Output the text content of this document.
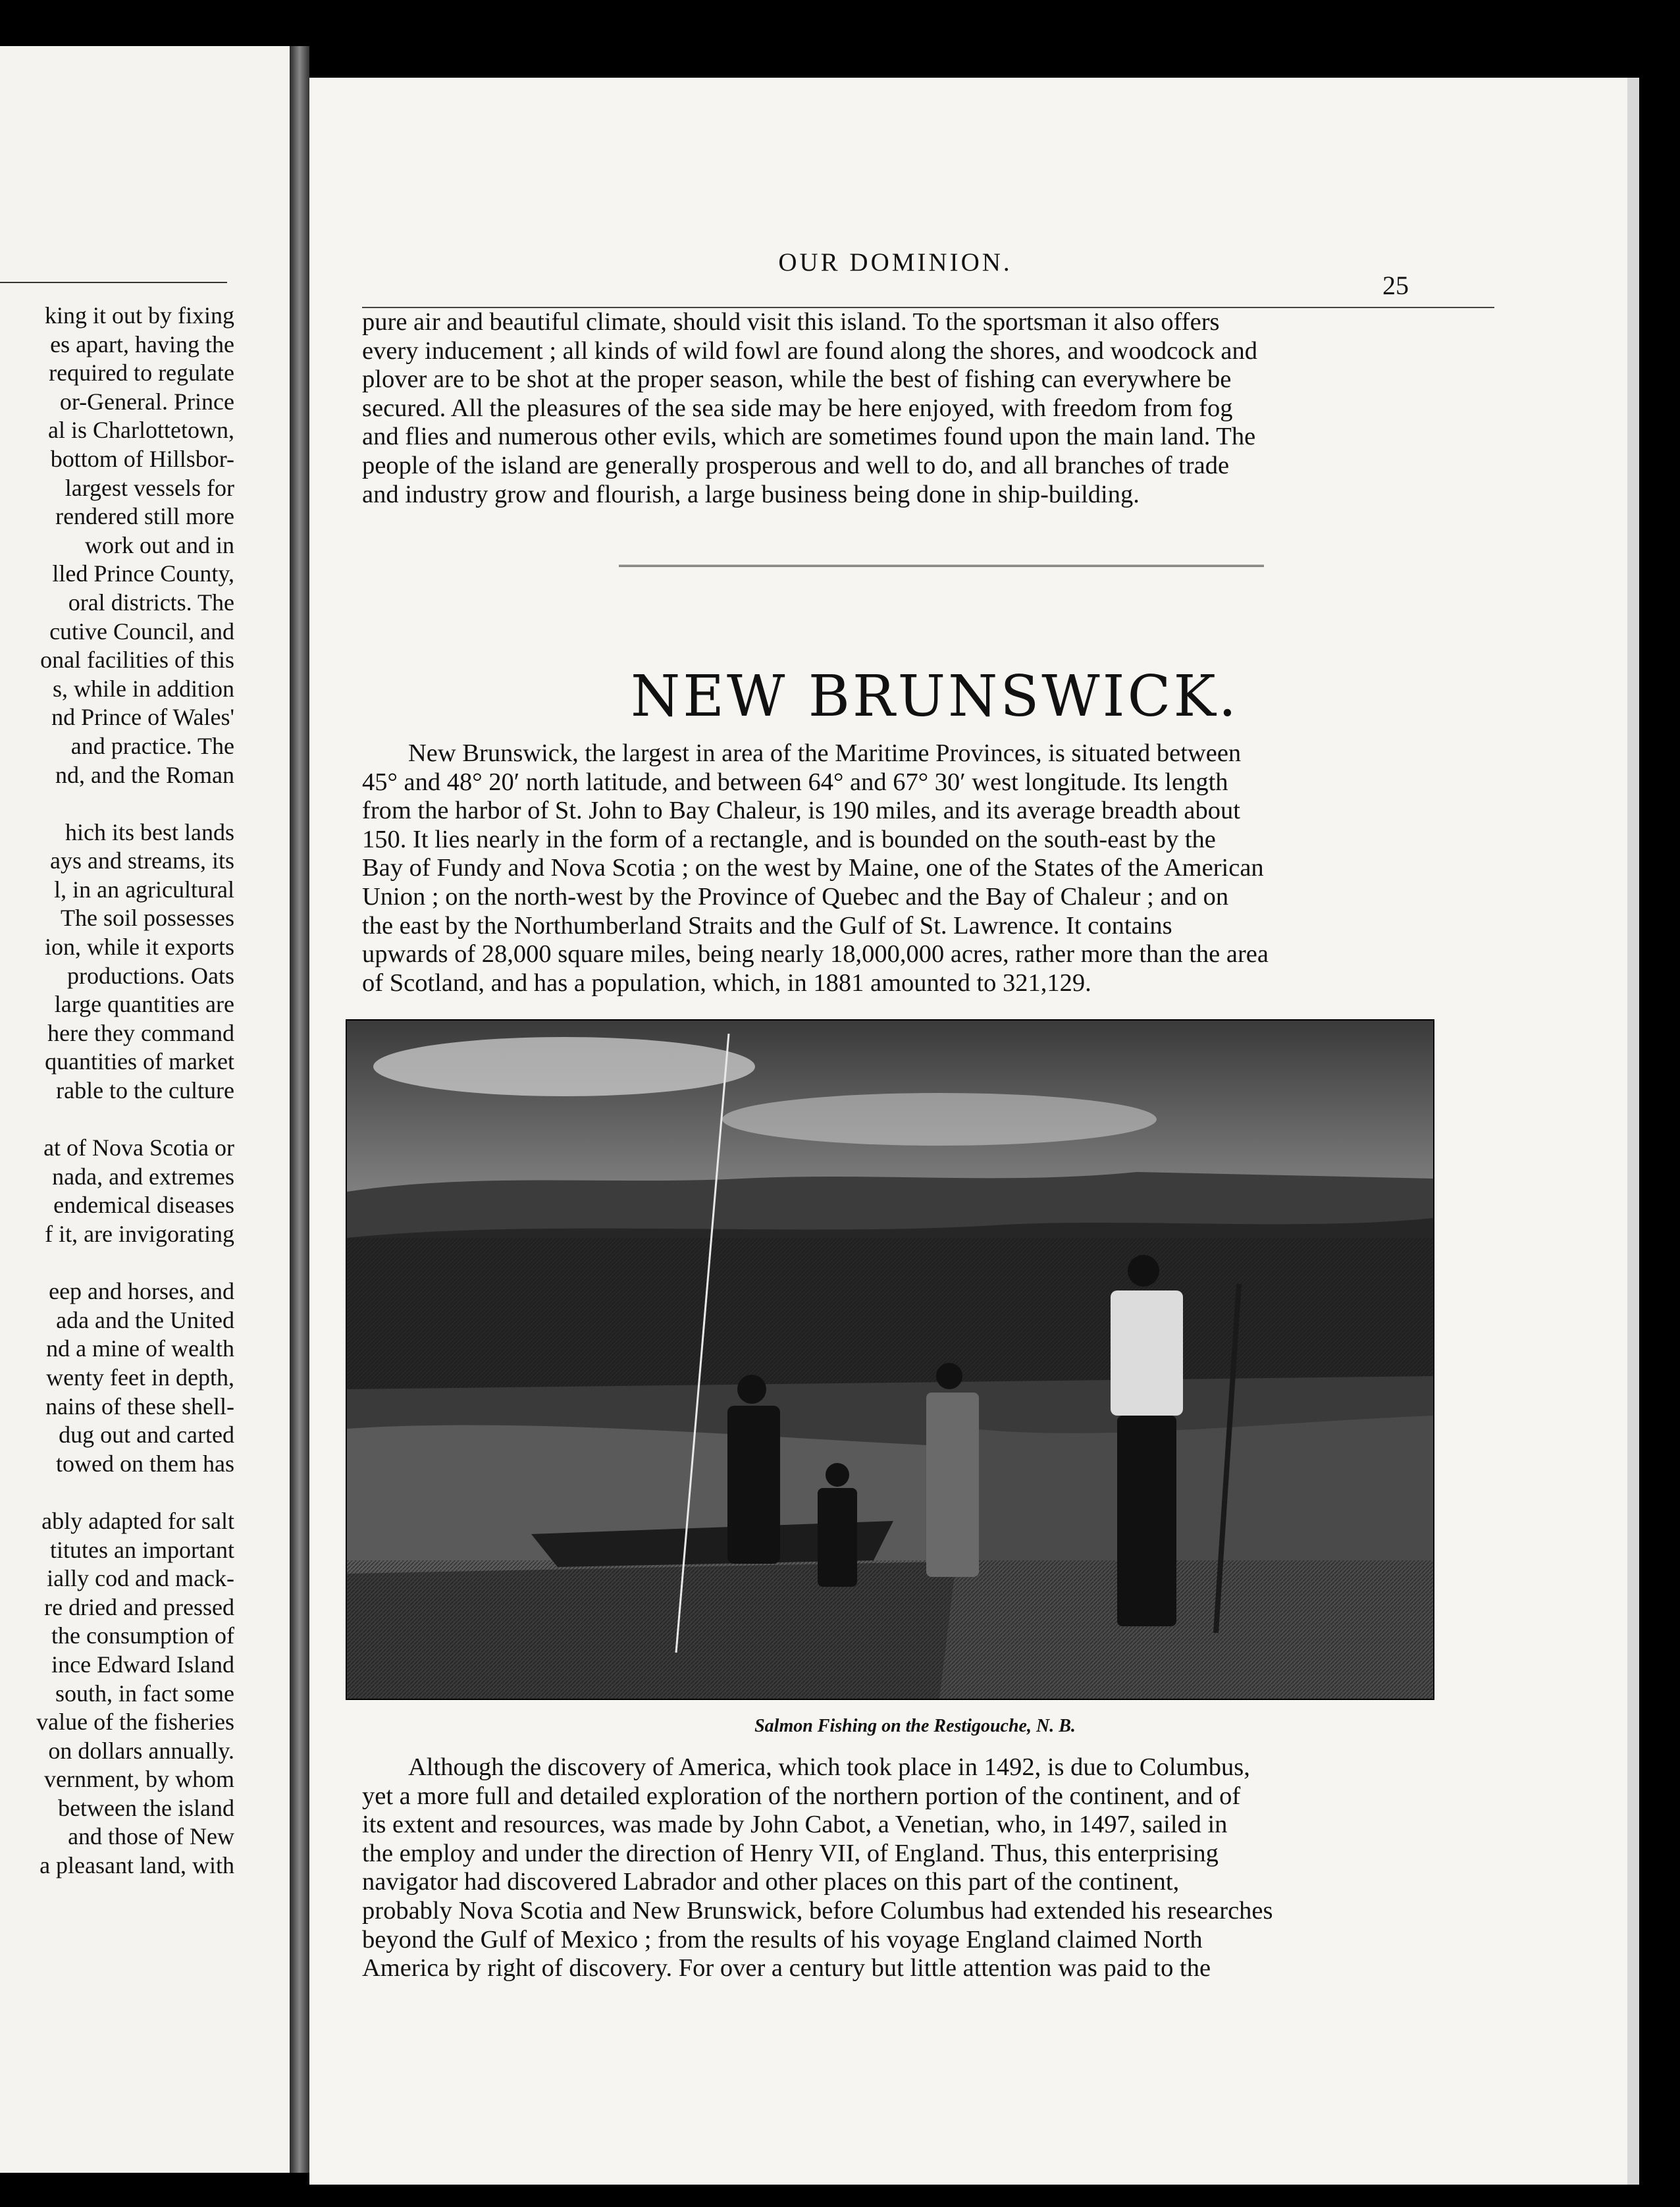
king it out by fixing
es apart, having the
required to regulate
or-General. Prince
al is Charlottetown,
bottom of Hillsbor-
largest vessels for
rendered still more
work out and in
lled Prince County,
oral districts. The
cutive Council, and
onal facilities of this
s, while in addition
nd Prince of Wales'
and practice. The
nd, and the Roman
hich its best lands
ays and streams, its
l, in an agricultural
The soil possesses
ion, while it exports
productions. Oats
large quantities are
here they command
quantities of market
rable to the culture
at of Nova Scotia or
nada, and extremes
endemical diseases
f it, are invigorating
eep and horses, and
ada and the United
nd a mine of wealth
wenty feet in depth,
nains of these shell-
dug out and carted
towed on them has
ably adapted for salt
titutes an important
ially cod and mack-
re dried and pressed
the consumption of
ince Edward Island
south, in fact some
value of the fisheries
on dollars annually.
vernment, by whom
between the island
and those of New
a pleasant land, with
OUR DOMINION.
25
pure air and beautiful climate, should visit this island. To the sportsman it also offers
every inducement ; all kinds of wild fowl are found along the shores, and woodcock and
plover are to be shot at the proper season, while the best of fishing can everywhere be
secured. All the pleasures of the sea side may be here enjoyed, with freedom from fog
and flies and numerous other evils, which are sometimes found upon the main land. The
people of the island are generally prosperous and well to do, and all branches of trade
and industry grow and flourish, a large business being done in ship-building.
NEW BRUNSWICK.
New Brunswick, the largest in area of the Maritime Provinces, is situated between
45° and 48° 20′ north latitude, and between 64° and 67° 30′ west longitude. Its length
from the harbor of St. John to Bay Chaleur, is 190 miles, and its average breadth about
150. It lies nearly in the form of a rectangle, and is bounded on the south-east by the
Bay of Fundy and Nova Scotia ; on the west by Maine, one of the States of the American
Union ; on the north-west by the Province of Quebec and the Bay of Chaleur ; and on
the east by the Northumberland Straits and the Gulf of St. Lawrence. It contains
upwards of 28,000 square miles, being nearly 18,000,000 acres, rather more than the area
of Scotland, and has a population, which, in 1881 amounted to 321,129.
Salmon Fishing on the Restigouche, N. B.
Although the discovery of America, which took place in 1492, is due to Columbus,
yet a more full and detailed exploration of the northern portion of the continent, and of
its extent and resources, was made by John Cabot, a Venetian, who, in 1497, sailed in
the employ and under the direction of Henry VII, of England. Thus, this enterprising
navigator had discovered Labrador and other places on this part of the continent,
probably Nova Scotia and New Brunswick, before Columbus had extended his researches
beyond the Gulf of Mexico ; from the results of his voyage England claimed North
America by right of discovery. For over a century but little attention was paid to the
